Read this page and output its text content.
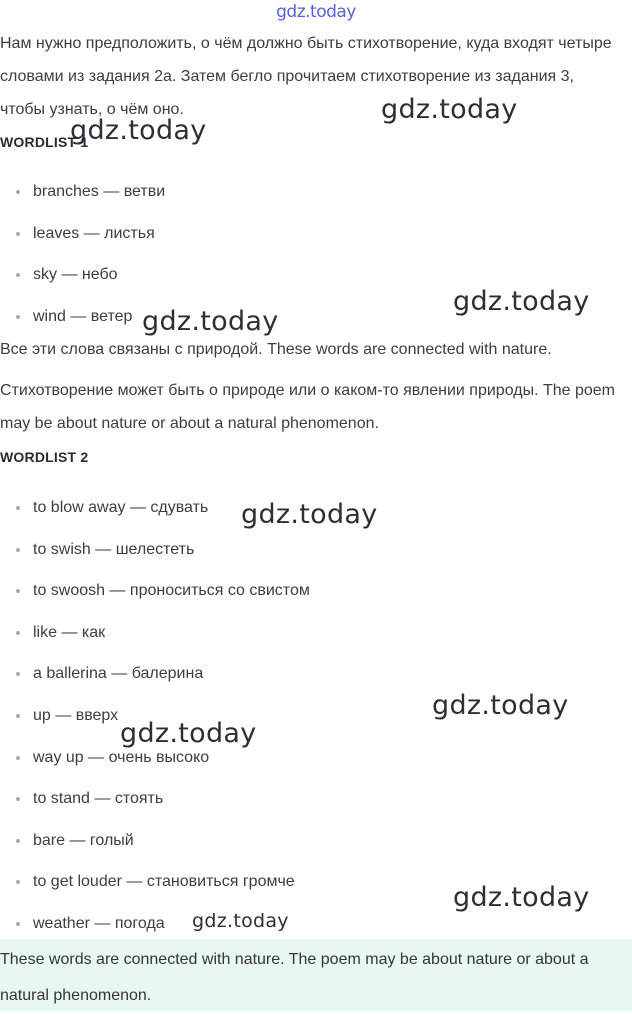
gdz.today

Нам нужно предположить, о чём должно быть стихотворение, куда входят четыре словами из задания 2а. Затем бегло прочитаем стихотворение из задания 3, чтобы узнать, о чём оно.

WORDLIST 1

branches — ветви
leaves — листья
sky — небо
wind — ветер

Все эти слова связаны с природой. These words are connected with nature.

Стихотворение может быть о природе или о каком-то явлении природы. The poem may be about nature or about a natural phenomenon.

WORDLIST 2

to blow away — сдувать
to swish — шелестеть
to swoosh — проноситься со свистом
like — как
a ballerina — балерина
up — вверх
way up — очень высоко
to stand — стоять
bare — голый
to get louder — становиться громче
weather — погода

These words are connected with nature. The poem may be about nature or about a natural phenomenon.

gdz.today
gdz.today
gdz.today
gdz.today
gdz.today
gdz.today
gdz.today
gdz.today
gdz.today
